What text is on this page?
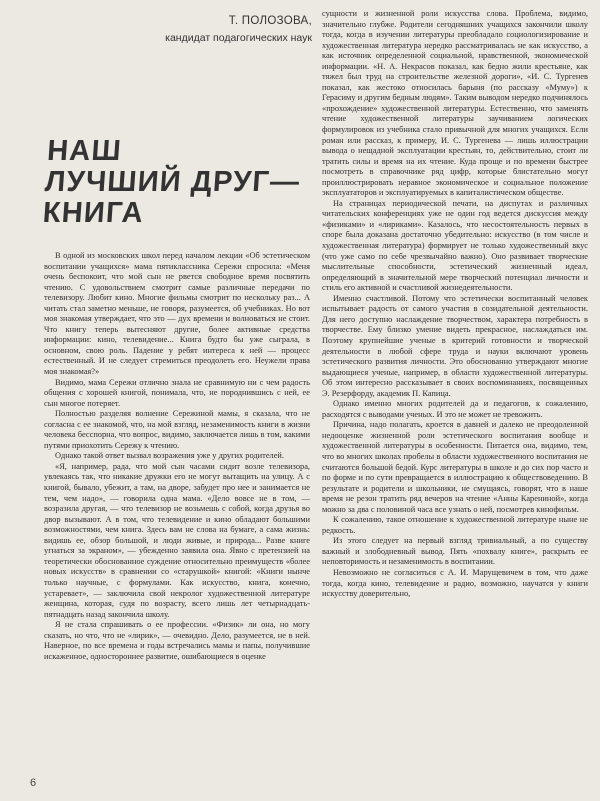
Т. ПОЛОЗОВА,
кандидат подагогических наук
НАШ
ЛУЧШИЙ ДРУГ—
КНИГА

В одной из московских школ перед началом лекции «Об эстетическом воспитании учащихся» мама пятиклассника Сережи спросила: «Меня очень беспокоит, что мой сын не рвется свободное время посвятить чтению. С удовольствием смотрит самые различные передачи по телевизору. Любит кино. Многие фильмы смотрит по нескольку раз... А читать стал заметно меньше, не говоря, разумеется, об учебниках. Но вот моя знакомая утверждает, что это — дух времени и волноваться не стоит. Что книгу теперь вытесняют другие, более активные средства информации: кино, телевидение... Книга будто бы уже сыграла, в основном, свою роль. Падение у ребят интереса к ней — процесс естественный. И не следует стремиться преодолеть его. Неужели права моя знакомая?»

Видимо, мама Сережи отлично знала не сравнимую ни с чем радость общения с хорошей книгой, понимала, что, не породнившись с ней, ее сын многое потеряет.

Полностью разделяя волнение Сережиной мамы, я сказала, что не согласна с ее знакомой, что, на мой взгляд, незаменимость книги в жизни человека бесспорна, что вопрос, видимо, заключается лишь в том, какими путями приохотить Сережу к чтению.

Однако такой ответ вызвал возражения уже у других родителей.

«Я, например, рада, что мой сын часами сидит возле телевизора, увлекаясь так, что никакие дружки его не могут вытащить на улицу. А с книгой, бывало, убежит, а там, на дворе, забудет про нее и занимается не тем, чем надо», — говорила одна мама. «Дело вовсе не в том, — возразила другая, — что телевизор не возьмешь с собой, когда друзья во двор вызывают. А в том, что телевидение и кино обладают большими возможностями, чем книга. Здесь вам не слова на бумаге, а сама жизнь: видишь ее, обзор большой, и люди живые, и природа... Разве книге угнаться за экраном», — убежденно заявила она. Явно с претензией на теоретически обоснованное суждение относительно преимуществ «более новых искусств» в сравнении со «старушкой» книгой: «Книги нынче только научные, с формулами. Как искусство, книга, конечно, устаревает», — заключила свой некролог художественной литературе женщина, которая, судя по возрасту, всего лишь лет четырнадцать-пятнадцать назад закончила школу.

Я не стала спрашивать о ее профессии. «Физик» ли она, но могу сказать, но что, что не «лирик», — очевидно. Дело, разумеется, не в ней. Наверное, по все времена и годы встречались мамы и папы, получившие искаженное, одностороннее развитие, ошибающиеся в оценке

сущности и жизненной роли искусства слова. Проблема, видимо, значительно глубже. Родители сегодняшних учащихся закончили школу тогда, когда в изучении литературы преобладало социологизирование и художественная литература нередко рассматривалась не как искусство, а как источник определенной социальной, нравственной, экономической информации. «Н. А. Некрасов показал, как бедно жили крестьяне, как тяжел был труд на строительстве железной дороги», «И. С. Тургенев показал, как жестоко относилась барыня (по рассказу «Муму») к Герасиму и другим бедным людям». Таким выводом нередко подчинялось «прохождение» художественной литературы. Естественно, что заменять чтение художественной литературы заучиванием логических формулировок из учебника стало привычной для многих учащихся. Если роман или рассказ, к примеру, И. С. Тургенева — лишь иллюстрации вывода о нещадной эксплуатации крестьян, то, действительно, стоит ли тратить силы и время на их чтение. Куда проще и по времени быстрее посмотреть в справочнике ряд цифр, которые блистательно могут проиллюстрировать неравное экономическое и социальное положение эксплуататоров и эксплуатируемых в капиталистическом обществе.

На страницах периодической печати, на диспутах и различных читательских конференциях уже не один год ведется дискуссия между «физиками» и «лириками». Казалось, что несостоятельность первых в споре была доказана достаточно убедительно: искусство (в том числе и художественная литература) формирует не только художественный вкус (что уже само по себе чрезвычайно важно). Оно развивает творческие мыслительные способности, эстетический жизненный идеал, определяющий в значительной мере творческий потенциал личности и стиль его активной и счастливой жизнедеятельности.

Именно счастливой. Потому что эстетически воспитанный человек испытывает радость от самого участия в созидательной деятельности. Для него доступно наслаждение творчеством, характера потребность в творчестве. Ему близко умение видеть прекрасное, наслаждаться им. Поэтому крупнейшие ученые в критерий готовности и творческой деятельности в любой сфере труда и науки включают уровень эстетического развития личности. Это обоснованно утверждают многие выдающиеся ученые, например, в области художественной литературы. Об этом интересно рассказывает в своих воспоминаниях, посвященных Э. Резерфорду, академик П. Капица.

Однако именно многих родителей да и педагогов, к сожалению, расходятся с выводами ученых. И это не может не тревожить.

Причина, надо полагать, кроется в давней и далеко не преодоленной недооценке жизненной роли эстетического воспитания вообще и художественной литературы в особенности. Питается она, видимо, тем, что во многих школах пробелы в области художественного воспитания не считаются большой бедой. Курс литературы в школе и до сих пор часто и по форме и по сути превращается в иллюстрацию к обществоведению. В результате и родители и школьники, не смущаясь, говорят, что в наше время не резон тратить ряд вечеров на чтение «Анны Карениной», когда можно за два с половиной часа все узнать о ней, посмотрев кинофильм.

К сожалению, такое отношение к художественной литературе ныне не редкость.

Из этого следует на первый взгляд тривиальный, а по существу важный и злободневный вывод. Пять «похвалу книге», раскрыть ее неповторимость и незаменимость в воспитании.

Невозможно не согласиться с А. И. Марущевичем в том, что даже тогда, когда кино, телевидение и радио, возможно, научатся у книги искусству доверительно,

6
